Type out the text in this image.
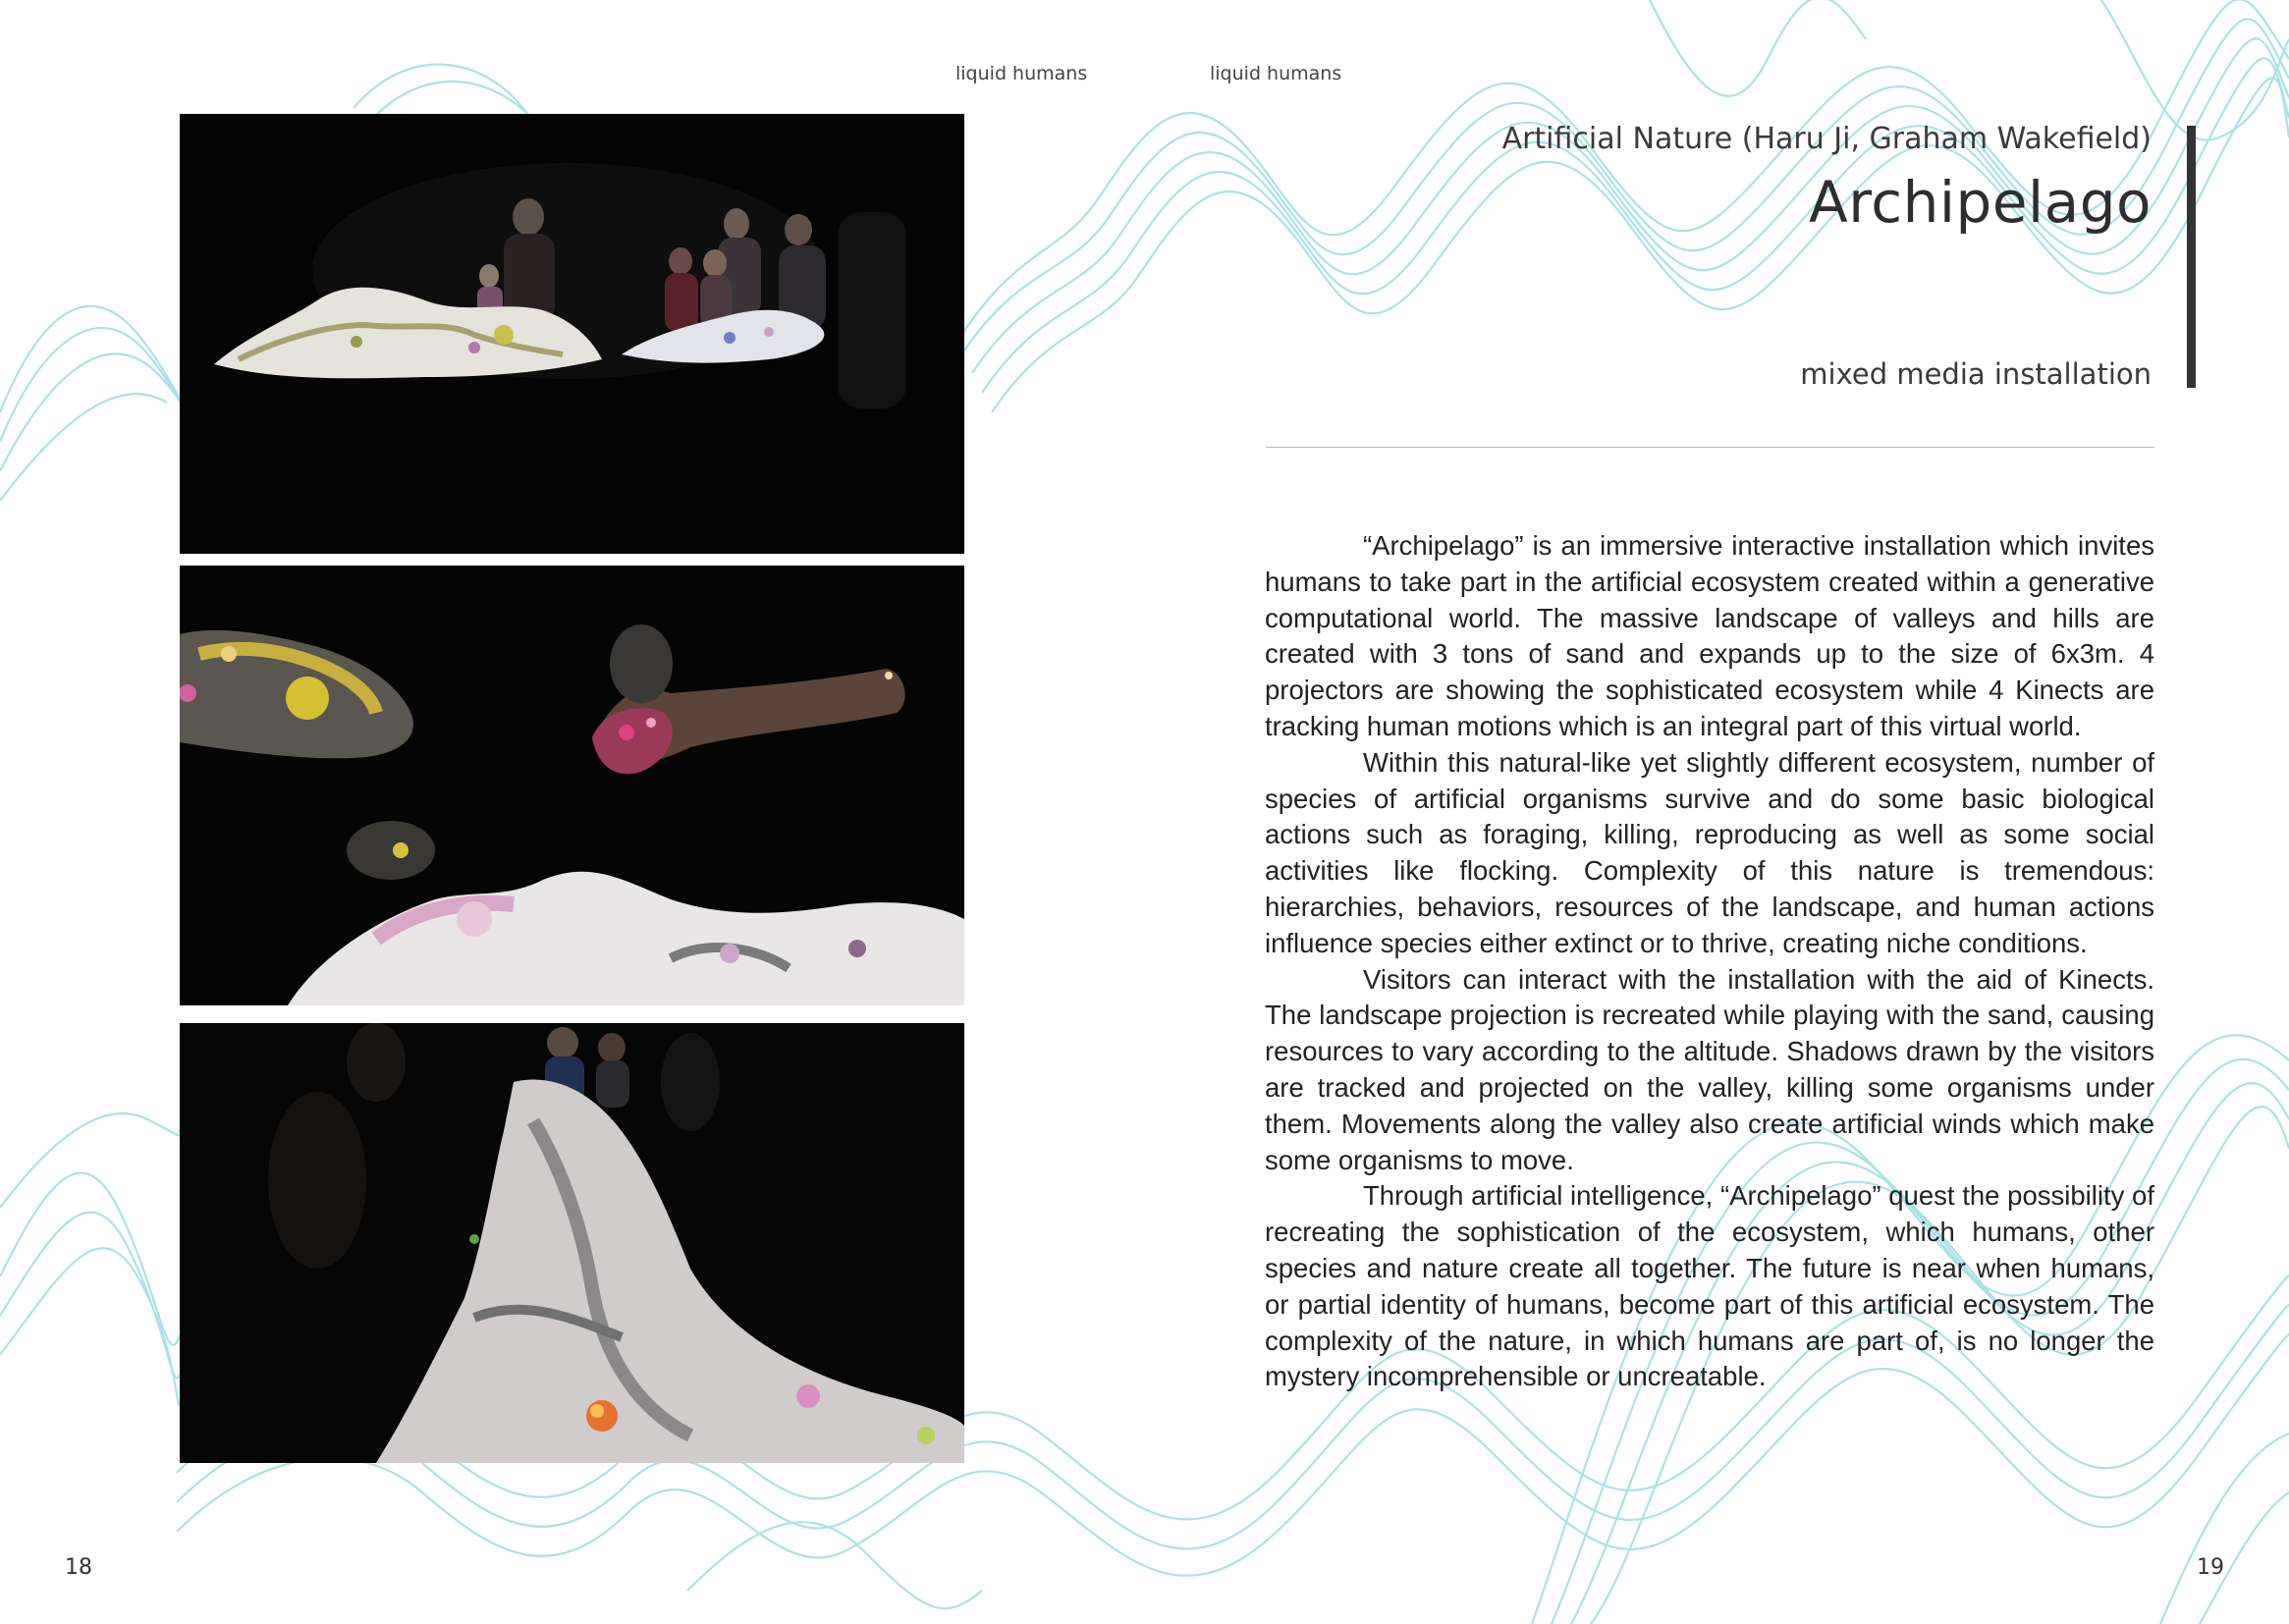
liquid humans	liquid humans
Artificial Nature (Haru Ji, Graham Wakefield)
Archipelago
mixed media installation

“Archipelago” is an immersive interactive installation which invites humans to take part in the artificial ecosystem created within a generative computational world. The massive landscape of valleys and hills are created with 3 tons of sand and expands up to the size of 6x3m. 4 projectors are showing the sophisticated ecosystem while 4 Kinects are tracking human motions which is an integral part of this virtual world.

Within this natural-like yet slightly different ecosystem, number of species of artificial organisms survive and do some basic biological actions such as foraging, killing, reproducing as well as some social activities like flocking. Complexity of this nature is tremendous: hierarchies, behaviors, resources of the landscape, and human actions influence species either extinct or to thrive, creating niche conditions.

Visitors can interact with the installation with the aid of Kinects. The landscape projection is recreated while playing with the sand, causing resources to vary according to the altitude. Shadows drawn by the visitors are tracked and projected on the valley, killing some organisms under them. Movements along the valley also create artificial winds which make some organisms to move.

Through artificial intelligence, “Archipelago” quest the possibility of recreating the sophistication of the ecosystem, which humans, other species and nature create all together. The future is near when humans, or partial identity of humans, become part of this artificial ecosystem. The complexity of the nature, in which humans are part of, is no longer the mystery incomprehensible or uncreatable.

18	19
